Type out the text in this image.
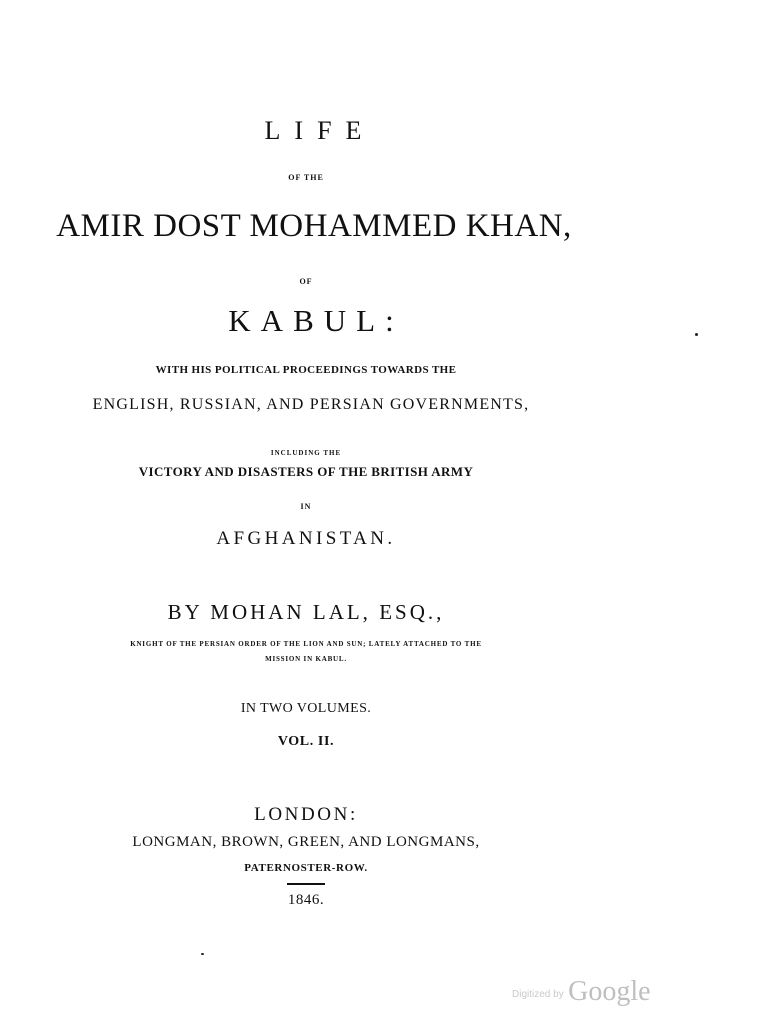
LIFE
OF THE
AMIR DOST MOHAMMED KHAN,
OF
KABUL:
WITH HIS POLITICAL PROCEEDINGS TOWARDS THE
ENGLISH, RUSSIAN, AND PERSIAN GOVERNMENTS,
INCLUDING THE
VICTORY AND DISASTERS OF THE BRITISH ARMY
IN
AFGHANISTAN.
BY MOHAN LAL, ESQ.,
KNIGHT OF THE PERSIAN ORDER OF THE LION AND SUN; LATELY ATTACHED TO THE
MISSION IN KABUL.
IN TWO VOLUMES.
VOL. II.
LONDON:
LONGMAN, BROWN, GREEN, AND LONGMANS,
PATERNOSTER-ROW.
1846.
Digitized by Google
